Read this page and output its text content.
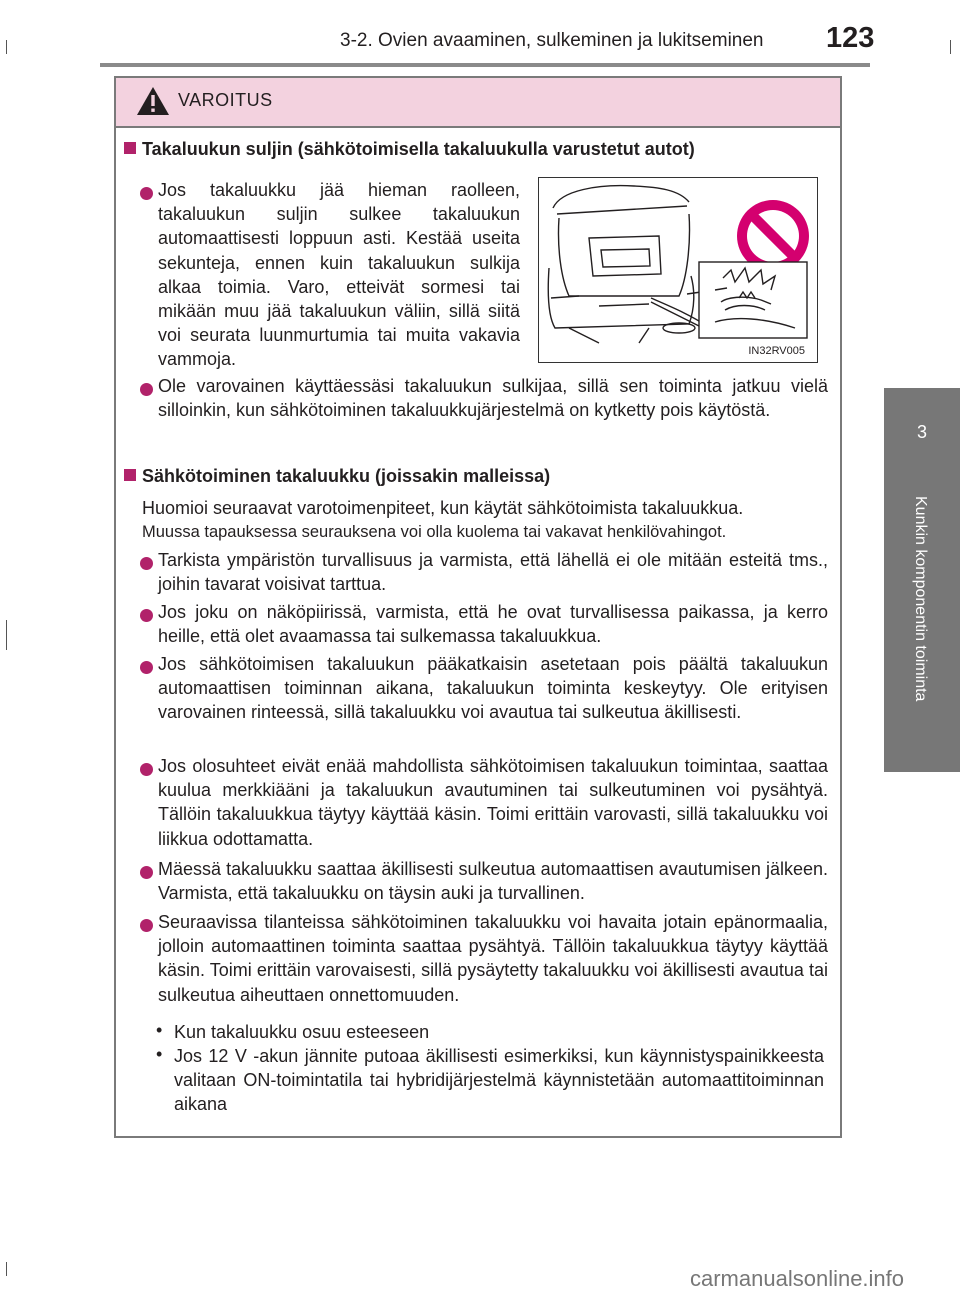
3-2. Ovien avaaminen, sulkeminen ja lukitseminen 123
3
Kunkin komponentin toiminta
VAROITUS
Takaluukun suljin (sähkötoimisella takaluukulla varustetut autot)
Jos takaluukku jää hieman raolleen, takaluukun suljin sulkee takaluukun automaattisesti loppuun asti. Kestää useita sekunteja, ennen kuin takaluukun sulkija alkaa toimia. Varo, etteivät sormesi tai mikään muu jää takaluukun väliin, sillä siitä voi seurata luunmurtumia tai muita vakavia vammoja.	IN32RV005
Ole varovainen käyttäessäsi takaluukun sulkijaa, sillä sen toiminta jatkuu vielä silloinkin, kun sähkötoiminen takaluukkujärjestelmä on kytketty pois käytöstä.
Sähkötoiminen takaluukku (joissakin malleissa)
Huomioi seuraavat varotoimenpiteet, kun käytät sähkötoimista takaluukkua.
Muussa tapauksessa seurauksena voi olla kuolema tai vakavat henkilövahingot.
Tarkista ympäristön turvallisuus ja varmista, että lähellä ei ole mitään esteitä tms., joihin tavarat voisivat tarttua.
Jos joku on näköpiirissä, varmista, että he ovat turvallisessa paikassa, ja kerro heille, että olet avaamassa tai sulkemassa takaluukkua.
Jos sähkötoimisen takaluukun pääkatkaisin asetetaan pois päältä takaluukun automaattisen toiminnan aikana, takaluukun toiminta keskeytyy. Ole erityisen varovainen rinteessä, sillä takaluukku voi avautua tai sulkeutua äkillisesti.
Jos olosuhteet eivät enää mahdollista sähkötoimisen takaluukun toimintaa, saattaa kuulua merkkiääni ja takaluukun avautuminen tai sulkeutuminen voi pysähtyä. Tällöin takaluukkua täytyy käyttää käsin. Toimi erittäin varovasti, sillä takaluukku voi liikkua odottamatta.
Mäessä takaluukku saattaa äkillisesti sulkeutua automaattisen avautumisen jälkeen. Varmista, että takaluukku on täysin auki ja turvallinen.
Seuraavissa tilanteissa sähkötoiminen takaluukku voi havaita jotain epänormaalia, jolloin automaattinen toiminta saattaa pysähtyä. Tällöin takaluukkua täytyy käyttää käsin. Toimi erittäin varovaisesti, sillä pysäytetty takaluukku voi äkillisesti avautua tai sulkeutua aiheuttaen onnettomuuden.
• Kun takaluukku osuu esteeseen
• Jos 12 V -akun jännite putoaa äkillisesti esimerkiksi, kun käynnistyspainikkeesta valitaan ON-toimintatila tai hybridijärjestelmä käynnistetään automaattitoiminnan aikana
carmanualsonline.info
